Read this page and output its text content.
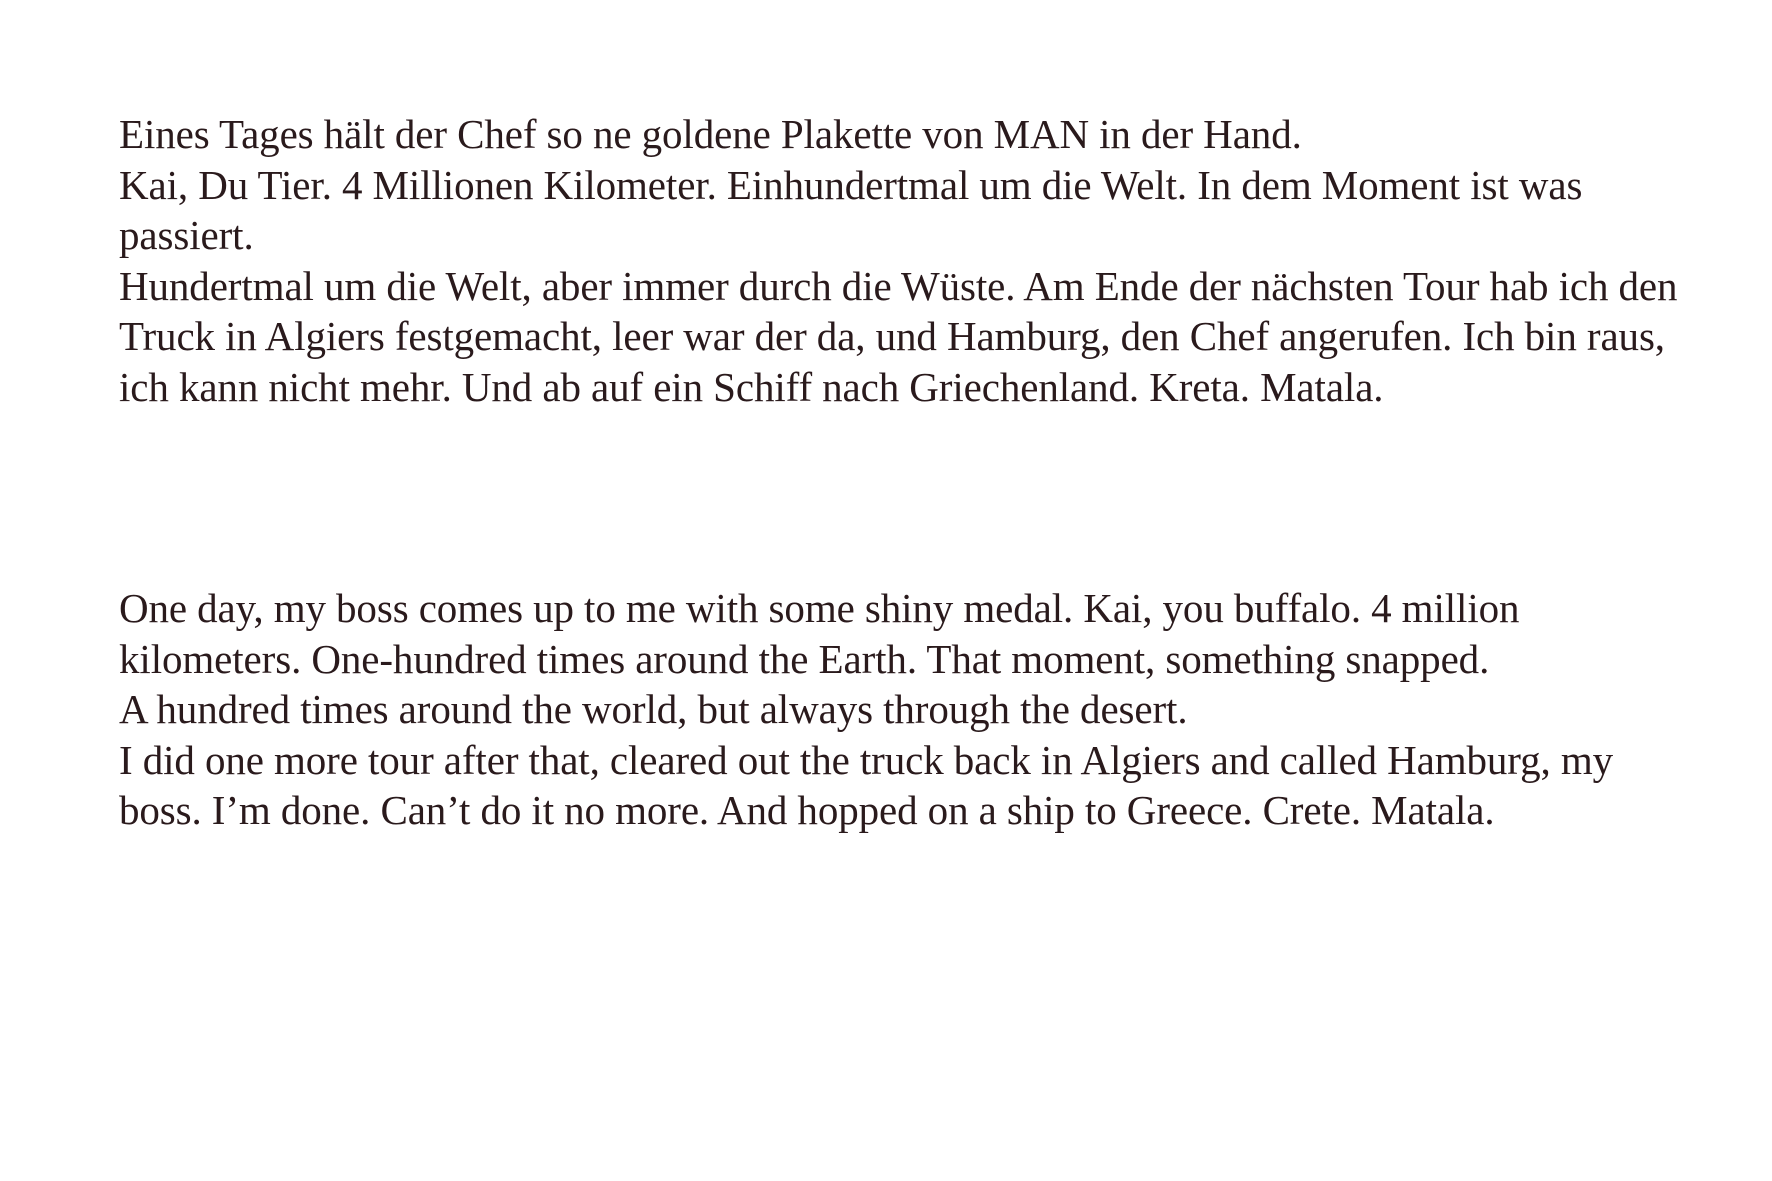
Eines Tages hält der Chef so ne goldene Plakette von MAN in der Hand.

Kai, Du Tier. 4 Millionen Kilometer. Einhundertmal um die Welt. In dem Moment ist was passiert.

Hundertmal um die Welt, aber immer durch die Wüste. Am Ende der nächsten Tour hab ich den Truck in Algiers festgemacht, leer war der da, und Hamburg, den Chef angerufen. Ich bin raus, ich kann nicht mehr. Und ab auf ein Schiff nach Griechenland. Kreta. Matala.

One day, my boss comes up to me with some shiny medal. Kai, you buffalo. 4 million kilometers. One-hundred times around the Earth. That moment, something snapped.

A hundred times around the world, but always through the desert.

I did one more tour after that, cleared out the truck back in Algiers and called Hamburg, my boss. I’m done. Can’t do it no more. And hopped on a ship to Greece. Crete. Matala.
